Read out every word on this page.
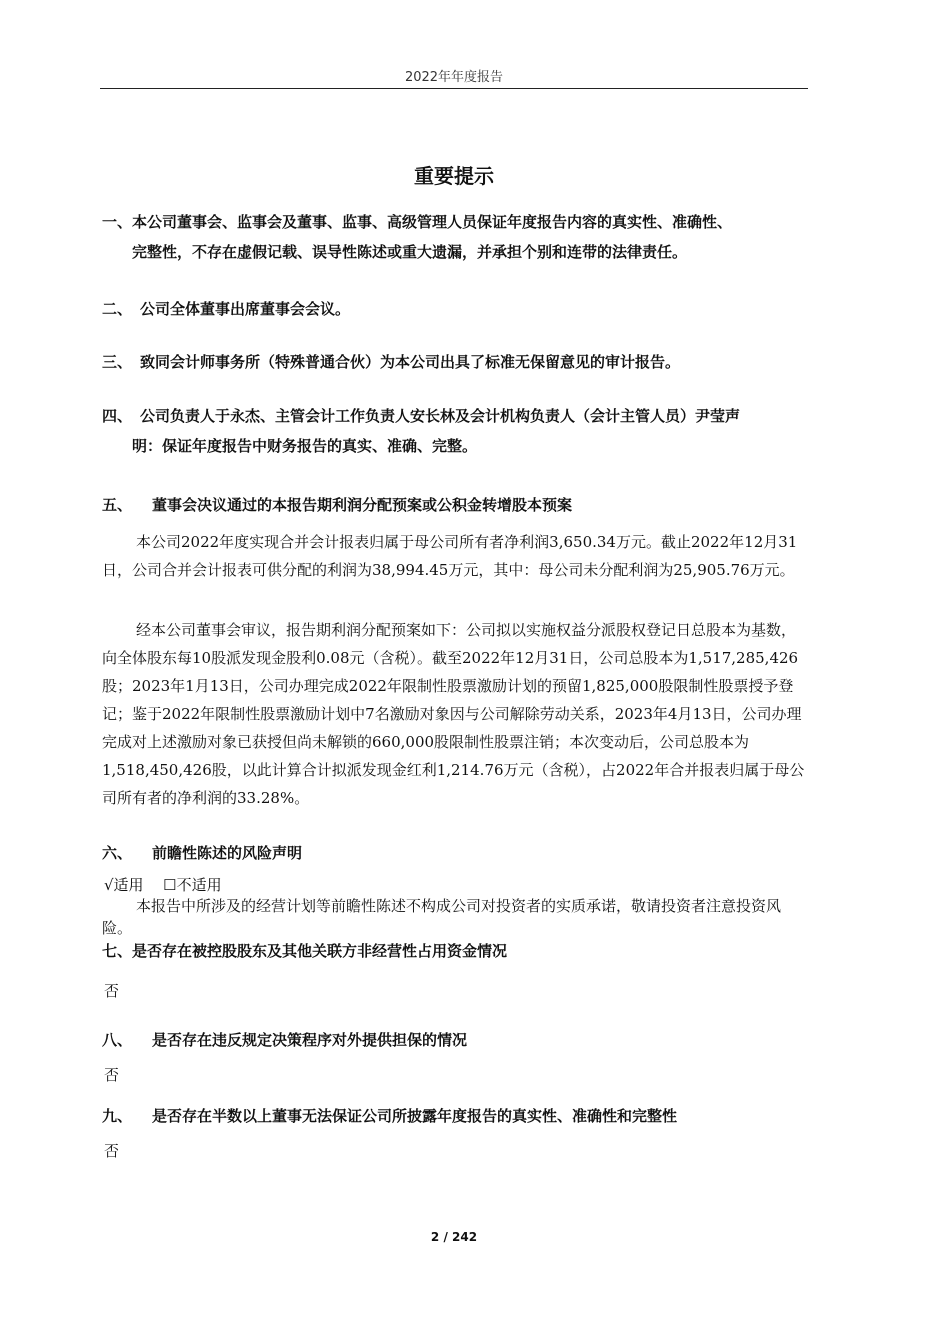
2022年年度报告
重要提示
一、本公司董事会、监事会及董事、监事、高级管理人员保证年度报告内容的真实性、准确性、
完整性，不存在虚假记载、误导性陈述或重大遗漏，并承担个别和连带的法律责任。
二、 公司全体董事出席董事会会议。
三、 致同会计师事务所（特殊普通合伙）为本公司出具了标准无保留意见的审计报告。
四、 公司负责人于永杰、主管会计工作负责人安长林及会计机构负责人（会计主管人员）尹莹声
明：保证年度报告中财务报告的真实、准确、完整。
五、 董事会决议通过的本报告期利润分配预案或公积金转增股本预案
本公司2022年度实现合并会计报表归属于母公司所有者净利润3,650.34万元。截止2022年12月31日，公司合并会计报表可供分配的利润为38,994.45万元，其中：母公司未分配利润为25,905.76万元。
经本公司董事会审议，报告期利润分配预案如下：公司拟以实施权益分派股权登记日总股本为基数，向全体股东每10股派发现金股利0.08元（含税）。截至2022年12月31日，公司总股本为1,517,285,426 股；2023年1月13日，公司办理完成2022年限制性股票激励计划的预留1,825,000股限制性股票授予登记；鉴于2022年限制性股票激励计划中7名激励对象因与公司解除劳动关系，2023年4月13日，公司办理完成对上述激励对象已获授但尚未解锁的660,000股限制性股票注销；本次变动后，公司总股本为1,518,450,426股，以此计算合计拟派发现金红利1,214.76万元（含税），占2022年合并报表归属于母公司所有者的净利润的33.28%。
六、 前瞻性陈述的风险声明
√适用 ☐不适用
本报告中所涉及的经营计划等前瞻性陈述不构成公司对投资者的实质承诺，敬请投资者注意投资风险。
七、是否存在被控股股东及其他关联方非经营性占用资金情况
否
八、 是否存在违反规定决策程序对外提供担保的情况
否
九、 是否存在半数以上董事无法保证公司所披露年度报告的真实性、准确性和完整性
否
2 / 242
